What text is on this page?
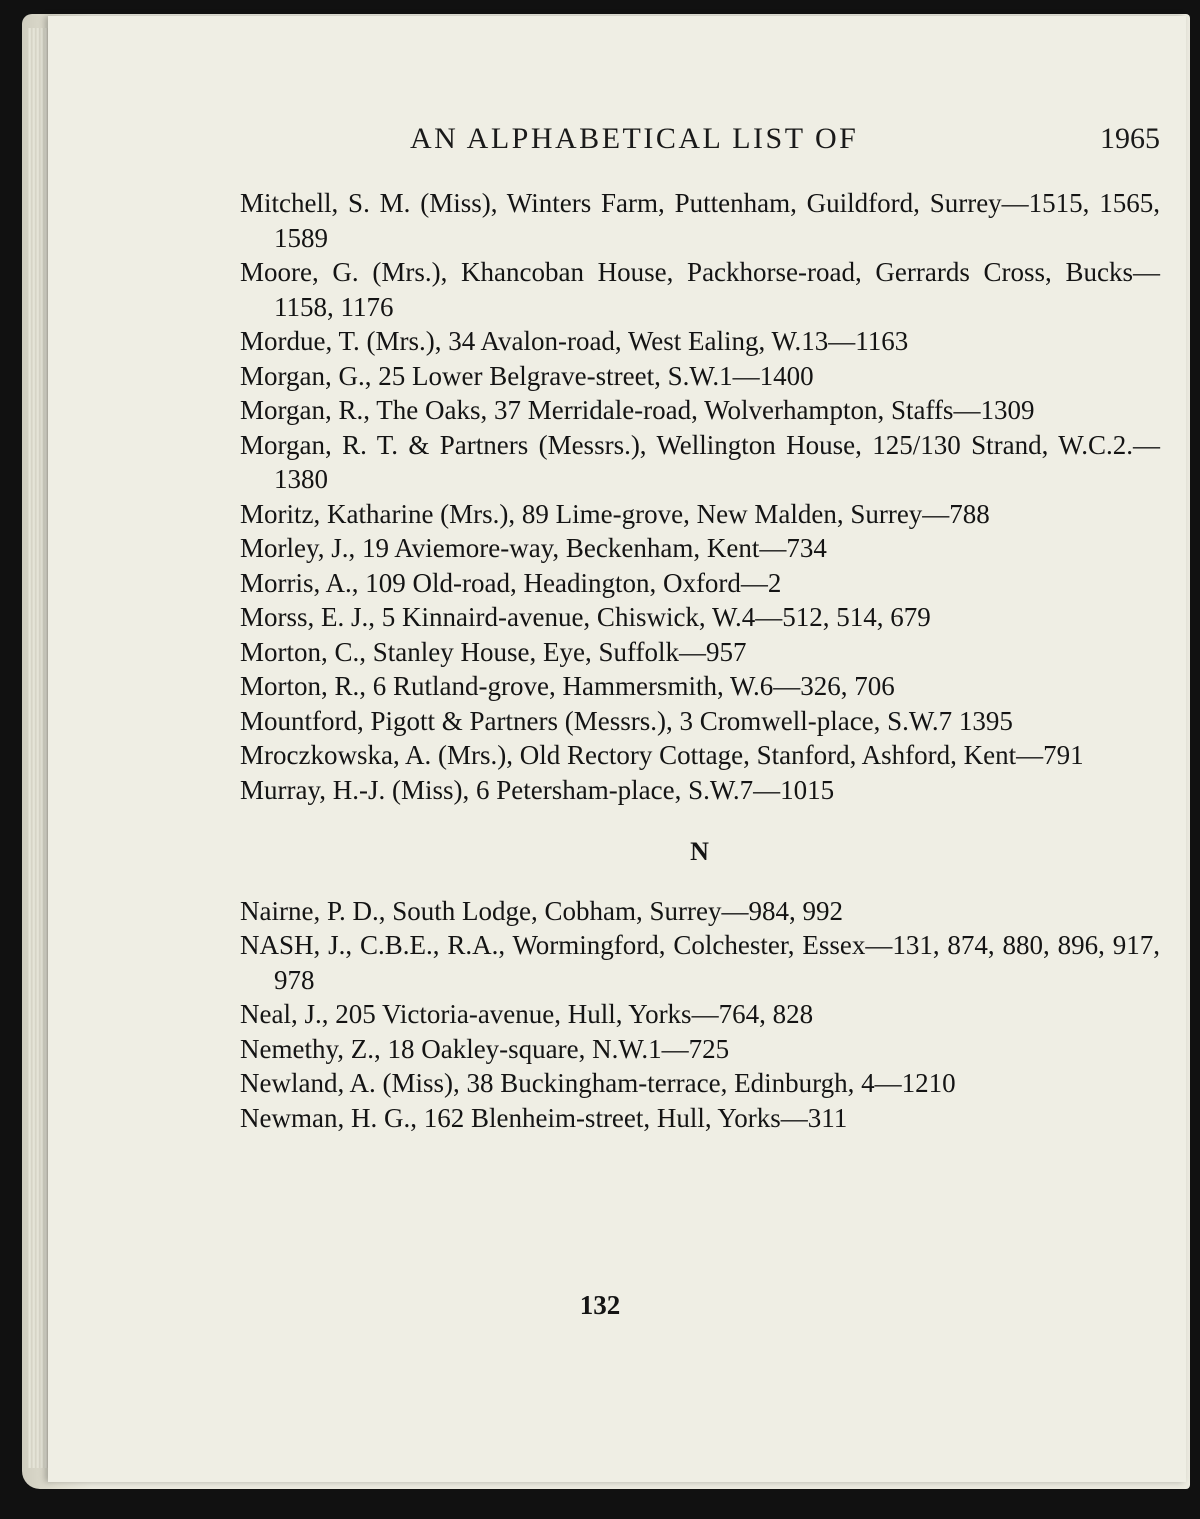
AN ALPHABETICAL LIST OF	1965

Mitchell, S. M. (Miss), Winters Farm, Puttenham, Guildford, Surrey—1515, 1565, 1589

Moore, G. (Mrs.), Khancoban House, Packhorse-road, Gerrards Cross, Bucks—1158, 1176

Mordue, T. (Mrs.), 34 Avalon-road, West Ealing, W.13—1163

Morgan, G., 25 Lower Belgrave-street, S.W.1—1400

Morgan, R., The Oaks, 37 Merridale-road, Wolverhampton, Staffs—1309

Morgan, R. T. & Partners (Messrs.), Wellington House, 125/130 Strand, W.C.2.—1380

Moritz, Katharine (Mrs.), 89 Lime-grove, New Malden, Surrey—788

Morley, J., 19 Aviemore-way, Beckenham, Kent—734

Morris, A., 109 Old-road, Headington, Oxford—2

Morss, E. J., 5 Kinnaird-avenue, Chiswick, W.4—512, 514, 679

Morton, C., Stanley House, Eye, Suffolk—957

Morton, R., 6 Rutland-grove, Hammersmith, W.6—326, 706

Mountford, Pigott & Partners (Messrs.), 3 Cromwell-place, S.W.7 1395

Mroczkowska, A. (Mrs.), Old Rectory Cottage, Stanford, Ashford, Kent—791

Murray, H.-J. (Miss), 6 Petersham-place, S.W.7—1015

N

Nairne, P. D., South Lodge, Cobham, Surrey—984, 992

NASH, J., C.B.E., R.A., Wormingford, Colchester, Essex—131, 874, 880, 896, 917, 978

Neal, J., 205 Victoria-avenue, Hull, Yorks—764, 828

Nemethy, Z., 18 Oakley-square, N.W.1—725

Newland, A. (Miss), 38 Buckingham-terrace, Edinburgh, 4—1210

Newman, H. G., 162 Blenheim-street, Hull, Yorks—311

132
